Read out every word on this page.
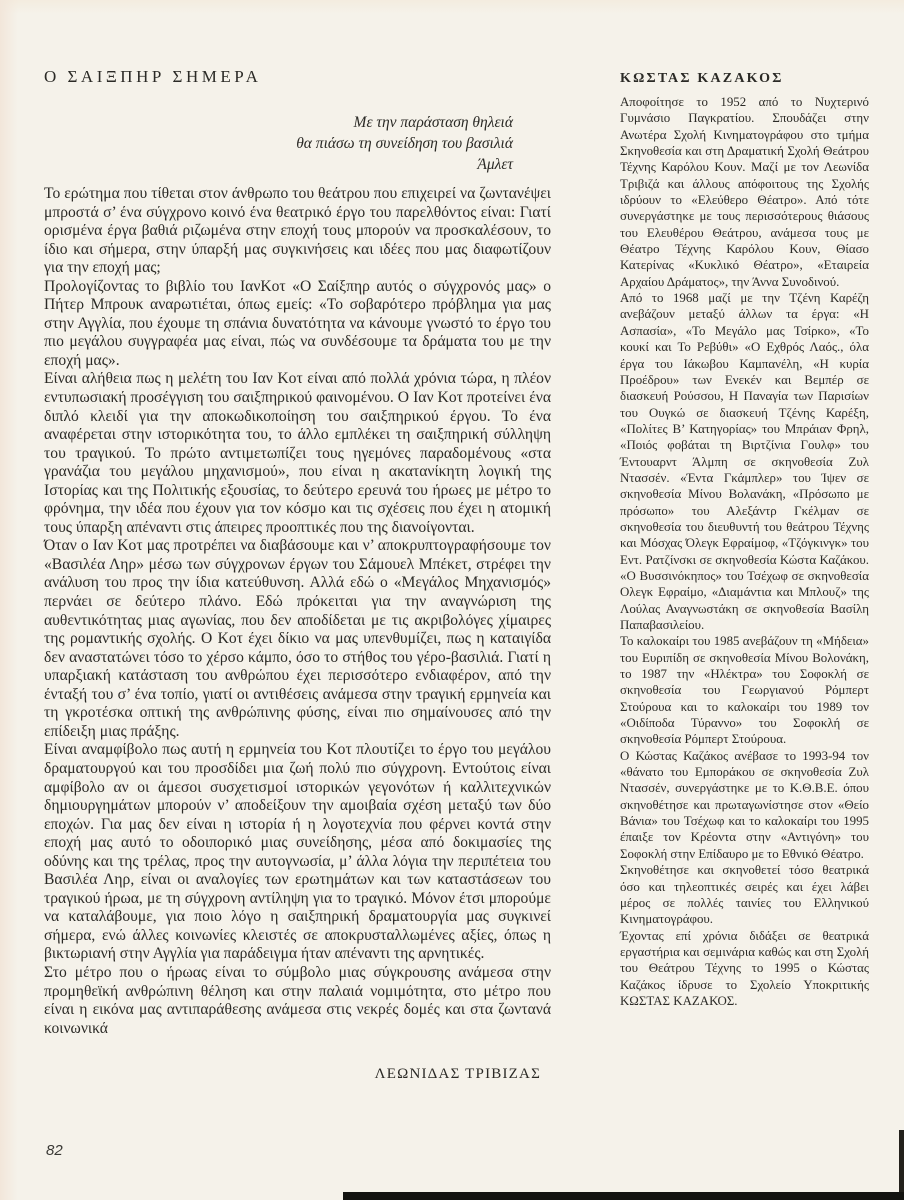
Ο ΣΑΙΞΠΗΡ ΣΗΜΕΡΑ
Με την παράσταση θηλειά
θα πιάσω τη συνείδηση του βασιλιά
Άμλετ

Το ερώτημα που τίθεται στον άνθρωπο του θεάτρου που επιχειρεί να ζωντανέψει μπροστά σ’ ένα σύγχρονο κοινό ένα θεατρικό έργο του παρελθόντος είναι: Γιατί ορισμένα έργα βαθιά ριζωμένα στην εποχή τους μπορούν να προσκαλέσουν, το ίδιο και σήμερα, στην ύπαρξή μας συγκινήσεις και ιδέες που μας διαφωτίζουν για την εποχή μας;

Προλογίζοντας το βιβλίο του ΙανΚοτ «Ο Σαίξπηρ αυτός ο σύγχρονός μας» ο Πήτερ Μπρουκ αναρωτιέται, όπως εμείς: «Το σοβαρότερο πρόβλημα για μας στην Αγγλία, που έχουμε τη σπάνια δυνατότητα να κάνουμε γνωστό το έργο του πιο μεγάλου συγγραφέα μας είναι, πώς να συνδέσουμε τα δράματα του με την εποχή μας».

Είναι αλήθεια πως η μελέτη του Ιαν Κοτ είναι από πολλά χρόνια τώρα, η πλέον εντυπωσιακή προσέγγιση του σαιξπηρικού φαινομένου. Ο Ιαν Κοτ προτείνει ένα διπλό κλειδί για την αποκωδικοποίηση του σαιξπηρικού έργου. Το ένα αναφέρεται στην ιστορικότητα του, το άλλο εμπλέκει τη σαιξπηρική σύλληψη του τραγικού. Το πρώτο αντιμετωπίζει τους ηγεμόνες παραδομένους «στα γρανάζια του μεγάλου μηχανισμού», που είναι η ακατανίκητη λογική της Ιστορίας και της Πολιτικής εξουσίας, το δεύτερο ερευνά του ήρωες με μέτρο το φρόνημα, την ιδέα που έχουν για τον κόσμο και τις σχέσεις που έχει η ατομική τους ύπαρξη απέναντι στις άπειρες προοπτικές που της διανοίγονται.

Όταν ο Ιαν Κοτ μας προτρέπει να διαβάσουμε και ν’ αποκρυπτογραφήσουμε τον «Βασιλέα Ληρ» μέσω των σύγχρονων έργων του Σάμουελ Μπέκετ, στρέφει την ανάλυση του προς την ίδια κατεύθυνση. Αλλά εδώ ο «Μεγάλος Μηχανισμός» περνάει σε δεύτερο πλάνο. Εδώ πρόκειται για την αναγνώριση της αυθεντικότητας μιας αγωνίας, που δεν αποδίδεται με τις ακριβολόγες χίμαιρες της ρομαντικής σχολής. Ο Κοτ έχει δίκιο να μας υπενθυμίζει, πως η καταιγίδα δεν αναστατώνει τόσο το χέρσο κάμπο, όσο το στήθος του γέρο-βασιλιά. Γιατί η υπαρξιακή κατάσταση του ανθρώπου έχει περισσότερο ενδιαφέρον, από την ένταξή του σ’ ένα τοπίο, γιατί οι αντιθέσεις ανάμεσα στην τραγική ερμηνεία και τη γκροτέσκα οπτική της ανθρώπινης φύσης, είναι πιο σημαίνουσες από την επίδειξη μιας πράξης.

Είναι αναμφίβολο πως αυτή η ερμηνεία του Κοτ πλουτίζει το έργο του μεγάλου δραματουργού και του προσδίδει μια ζωή πολύ πιο σύγχρονη. Εντούτοις είναι αμφίβολο αν οι άμεσοι συσχετισμοί ιστορικών γεγονότων ή καλλιτεχνικών δημιουργημάτων μπορούν ν’ αποδείξουν την αμοιβαία σχέση μεταξύ των δύο εποχών. Για μας δεν είναι η ιστορία ή η λογοτεχνία που φέρνει κοντά στην εποχή μας αυτό το οδοιπορικό μιας συνείδησης, μέσα από δοκιμασίες της οδύνης και της τρέλας, προς την αυτογνωσία, μ’ άλλα λόγια την περιπέτεια του Βασιλέα Ληρ, είναι οι αναλογίες των ερωτημάτων και των καταστάσεων του τραγικού ήρωα, με τη σύγχρονη αντίληψη για το τραγικό. Μόνον έτσι μπορούμε να καταλάβουμε, για ποιο λόγο η σαιξπηρική δραματουργία μας συγκινεί σήμερα, ενώ άλλες κοινωνίες κλειστές σε αποκρυσταλλωμένες αξίες, όπως η βικτωριανή στην Αγγλία για παράδειγμα ήταν απέναντι της αρνητικές.

Στο μέτρο που ο ήρωας είναι το σύμβολο μιας σύγκρουσης ανάμεσα στην προμηθεϊκή ανθρώπινη θέληση και στην παλαιά νομιμότητα, στο μέτρο που είναι η εικόνα μας αντιπαράθεσης ανάμεσα στις νεκρές δομές και στα ζωντανά κοινωνικά

ΛΕΩΝΙΔΑΣ ΤΡΙΒΙΖΑΣ
ΚΩΣΤΑΣ ΚΑΖΑΚΟΣ

Αποφοίτησε το 1952 από το Νυχτερινό Γυμνάσιο Παγκρατίου. Σπουδάζει στην Ανωτέρα Σχολή Κινηματογράφου στο τμήμα Σκηνοθεσία και στη Δραματική Σχολή Θεάτρου Τέχνης Καρόλου Κουν. Μαζί με τον Λεωνίδα Τριβιζά και άλλους απόφοιτους της Σχολής ιδρύουν το «Ελεύθερο Θέατρο». Από τότε συνεργάστηκε με τους περισσότερους θιάσους του Ελευθέρου Θεάτρου, ανάμεσα τους με Θέατρο Τέχνης Καρόλου Κουν, Θίασο Κατερίνας «Κυκλικό Θέατρο», «Εταιρεία Αρχαίου Δράματος», την Άννα Συνοδινού.

Από το 1968 μαζί με την Τζένη Καρέζη ανεβάζουν μεταξύ άλλων τα έργα: «Η Ασπασία», «Το Μεγάλο μας Τσίρκο», «Το κουκί και Το Ρεβύθι» «Ο Εχθρός Λαός., όλα έργα του Ιάκωβου Καμπανέλη, «Η κυρία Προέδρου» των Ενεκέν και Βεμπέρ σε διασκευή Ρούσσου, Η Παναγία των Παρισίων του Ουγκώ σε διασκευή Τζένης Καρέξη, «Πολίτες Β’ Κατηγορίας» του Μπράιαν Φρηλ, «Ποιός φοβάται τη Βιρτζίνια Γουλφ» του Έντουαρντ Άλμπη σε σκηνοθεσία Ζυλ Ντασσέν. «Έντα Γκάμπλερ» του Ίψεν σε σκηνοθεσία Μίνου Βολανάκη, «Πρόσωπο με πρόσωπο» του Αλεξάντρ Γκέλμαν σε σκηνοθεσία του διευθυντή του θεάτρου Τέχνης και Μόσχας Όλεγκ Εφραίμοφ, «Τζόγκινγκ» του Εντ. Ρατζίνσκι σε σκηνοθεσία Κώστα Καζάκου. «Ο Βυσσινόκηπος» του Τσέχωφ σε σκηνοθεσία Ολεγκ Εφραίμο, «Διαμάντια και Μπλουζ» της Λούλας Αναγνωστάκη σε σκηνοθεσία Βασίλη Παπαβασιλείου.

Το καλοκαίρι του 1985 ανεβάζουν τη «Μήδεια» του Ευριπίδη σε σκηνοθεσία Μίνου Βολονάκη, το 1987 την «Ηλέκτρα» του Σοφοκλή σε σκηνοθεσία του Γεωργιανού Ρόμπερτ Στούρουα και το καλοκαίρι του 1989 τον «Οιδίποδα Τύραννο» του Σοφοκλή σε σκηνοθεσία Ρόμπερτ Στούρουα.

Ο Κώστας Καζάκος ανέβασε το 1993-94 τον «θάνατο του Εμποράκου σε σκηνοθεσία Ζυλ Ντασσέν, συνεργάστηκε με το Κ.Θ.Β.Ε. όπου σκηνοθέτησε και πρωταγωνίστησε στον «Θείο Βάνια» του Τσέχωφ και το καλοκαίρι του 1995 έπαιξε τον Κρέοντα στην «Αντιγόνη» του Σοφοκλή στην Επίδαυρο με το Εθνικό Θέατρο.

Σκηνοθέτησε και σκηνοθετεί τόσο θεατρικά όσο και τηλεοπτικές σειρές και έχει λάβει μέρος σε πολλές ταινίες του Ελληνικού Κινηματογράφου.

Έχοντας επί χρόνια διδάξει σε θεατρικά εργαστήρια και σεμινάρια καθώς και στη Σχολή του Θεάτρου Τέχνης το 1995 ο Κώστας Καζάκος ίδρυσε το Σχολείο Υποκριτικής ΚΩΣΤΑΣ ΚΑΖΑΚΟΣ.

82
